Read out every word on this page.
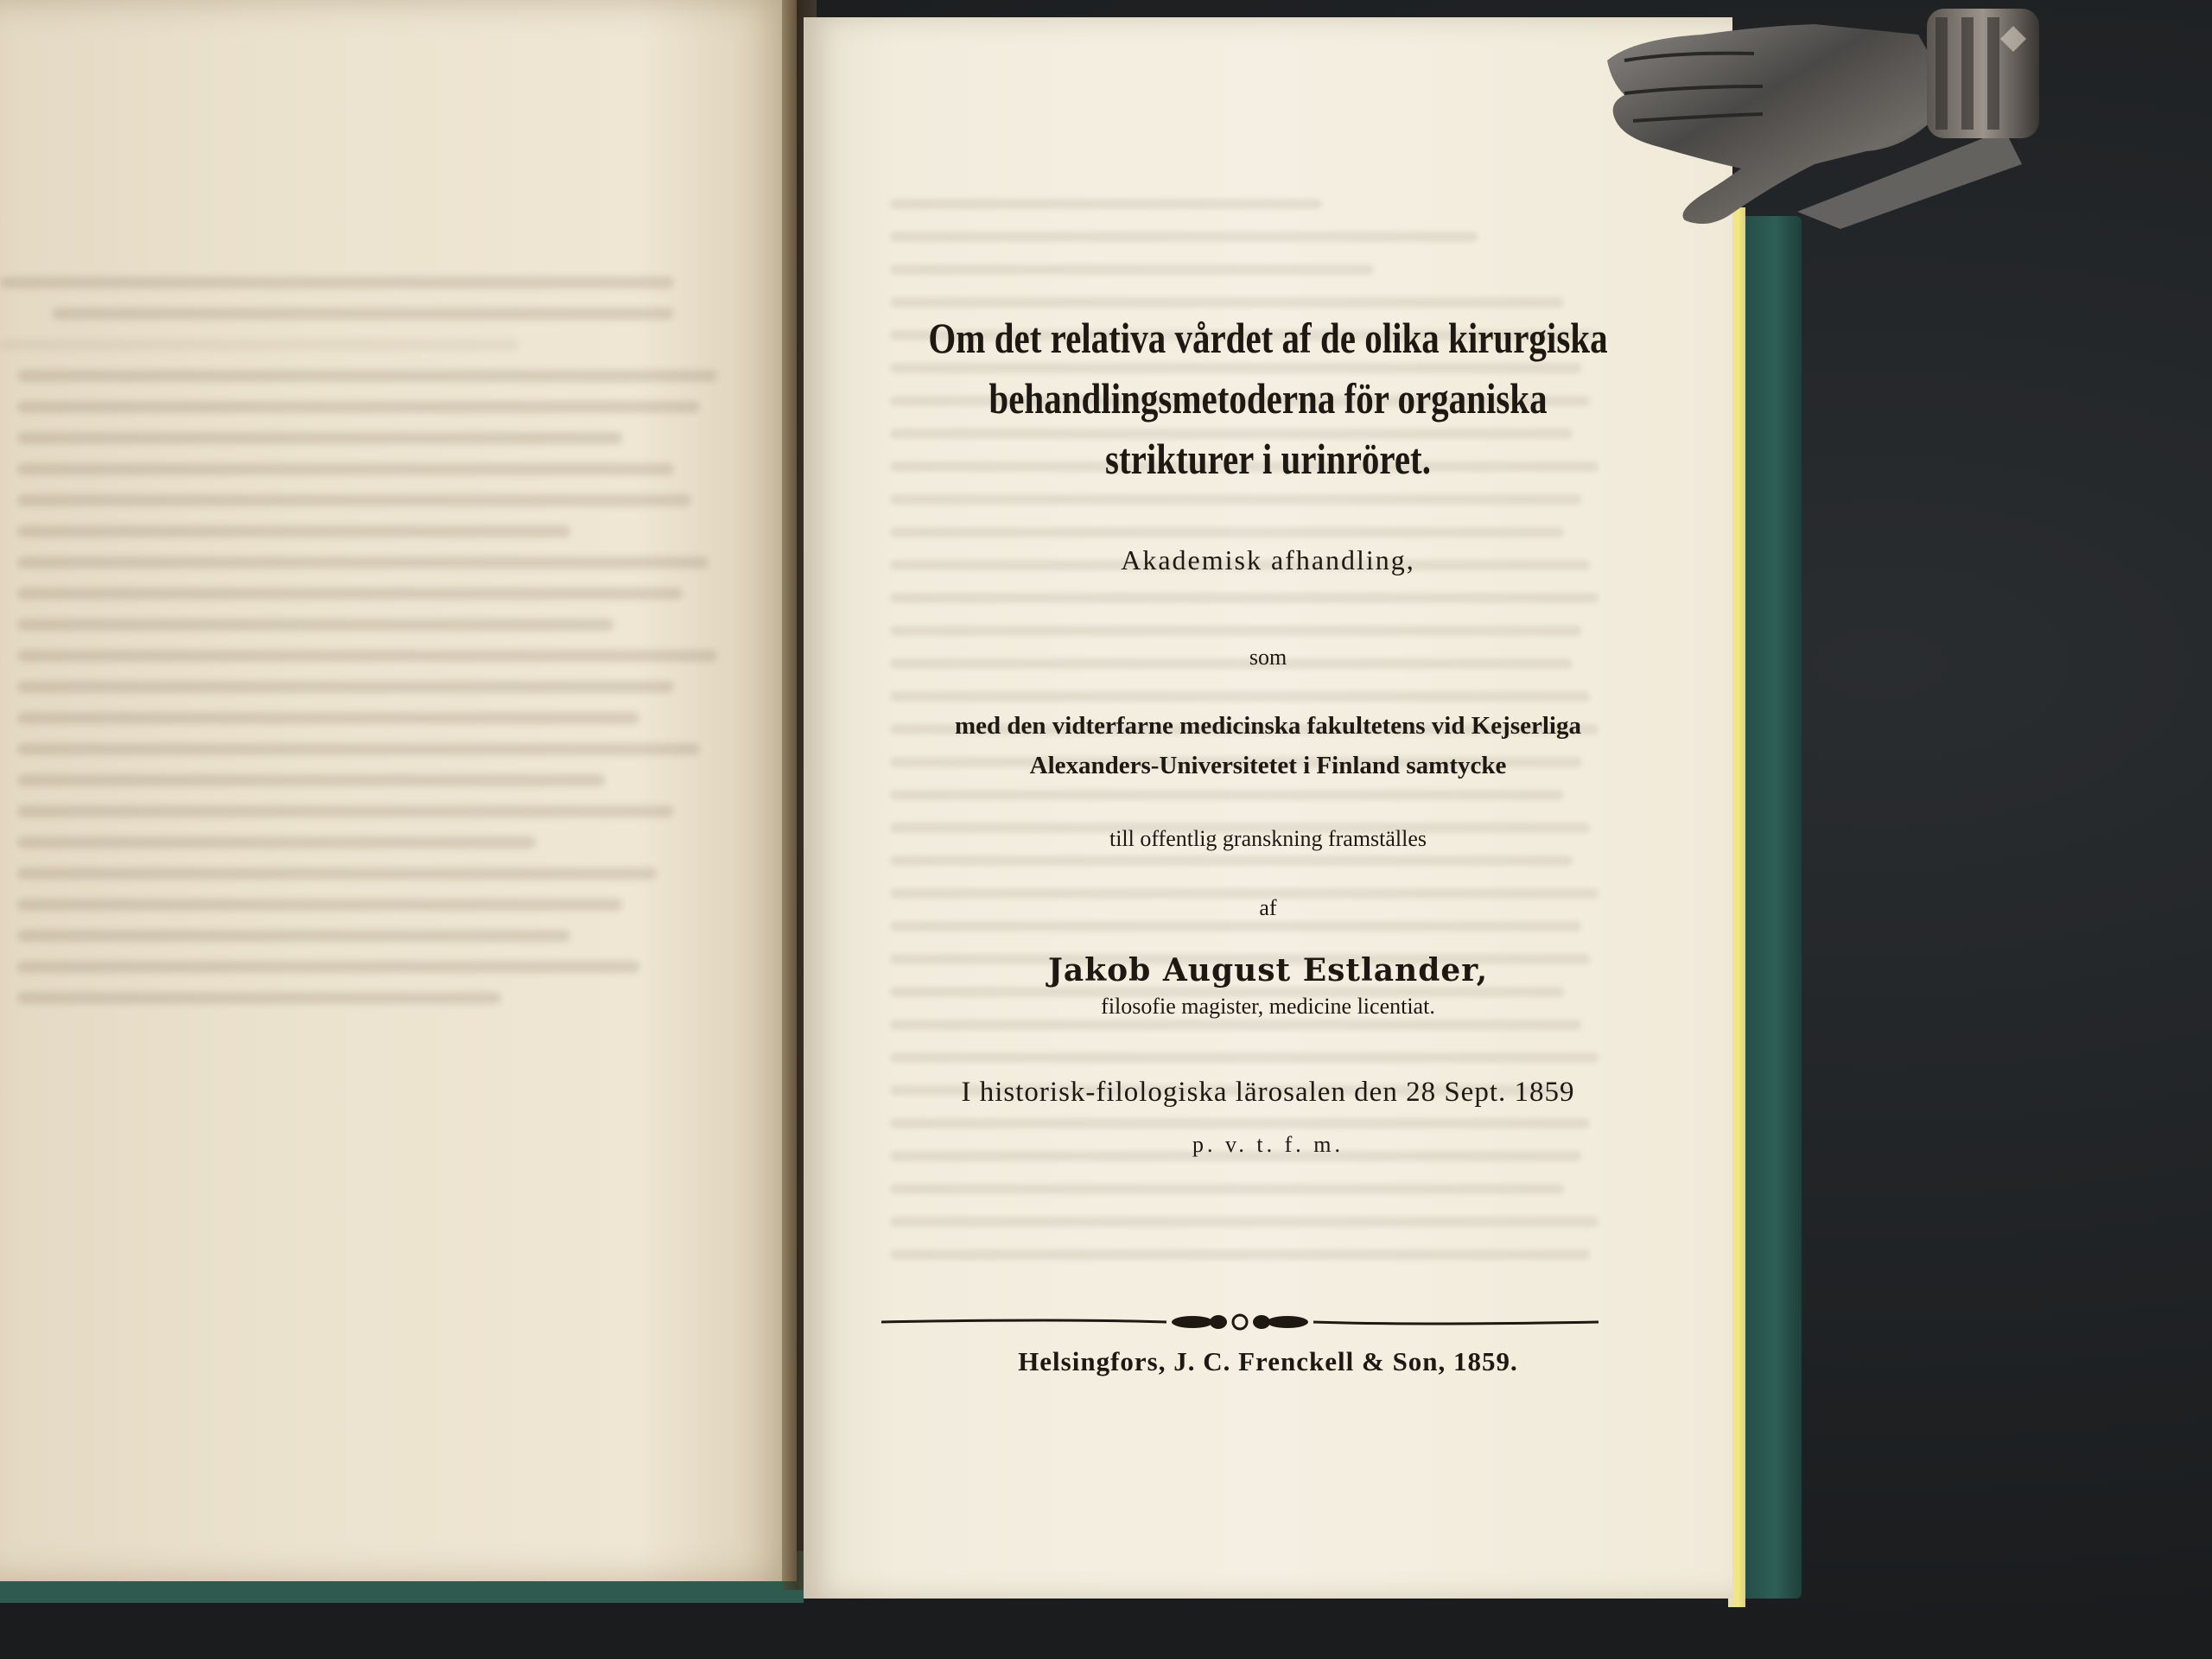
Om det relativa vårdet af de olika kirurgiska

behandlingsmetoderna för organiska

strikturer i urinröret.

Akademisk afhandling,

som

med den vidterfarne medicinska fakultetens vid Kejserliga

Alexanders-Universitetet i Finland samtycke

till offentlig granskning framställes

af

Jakob August Estlander,

filosofie magister, medicine licentiat.

I historisk-filologiska lärosalen den 28 Sept. 1859

p. v. t. f. m.

Helsingfors, J. C. Frenckell & Son, 1859.
